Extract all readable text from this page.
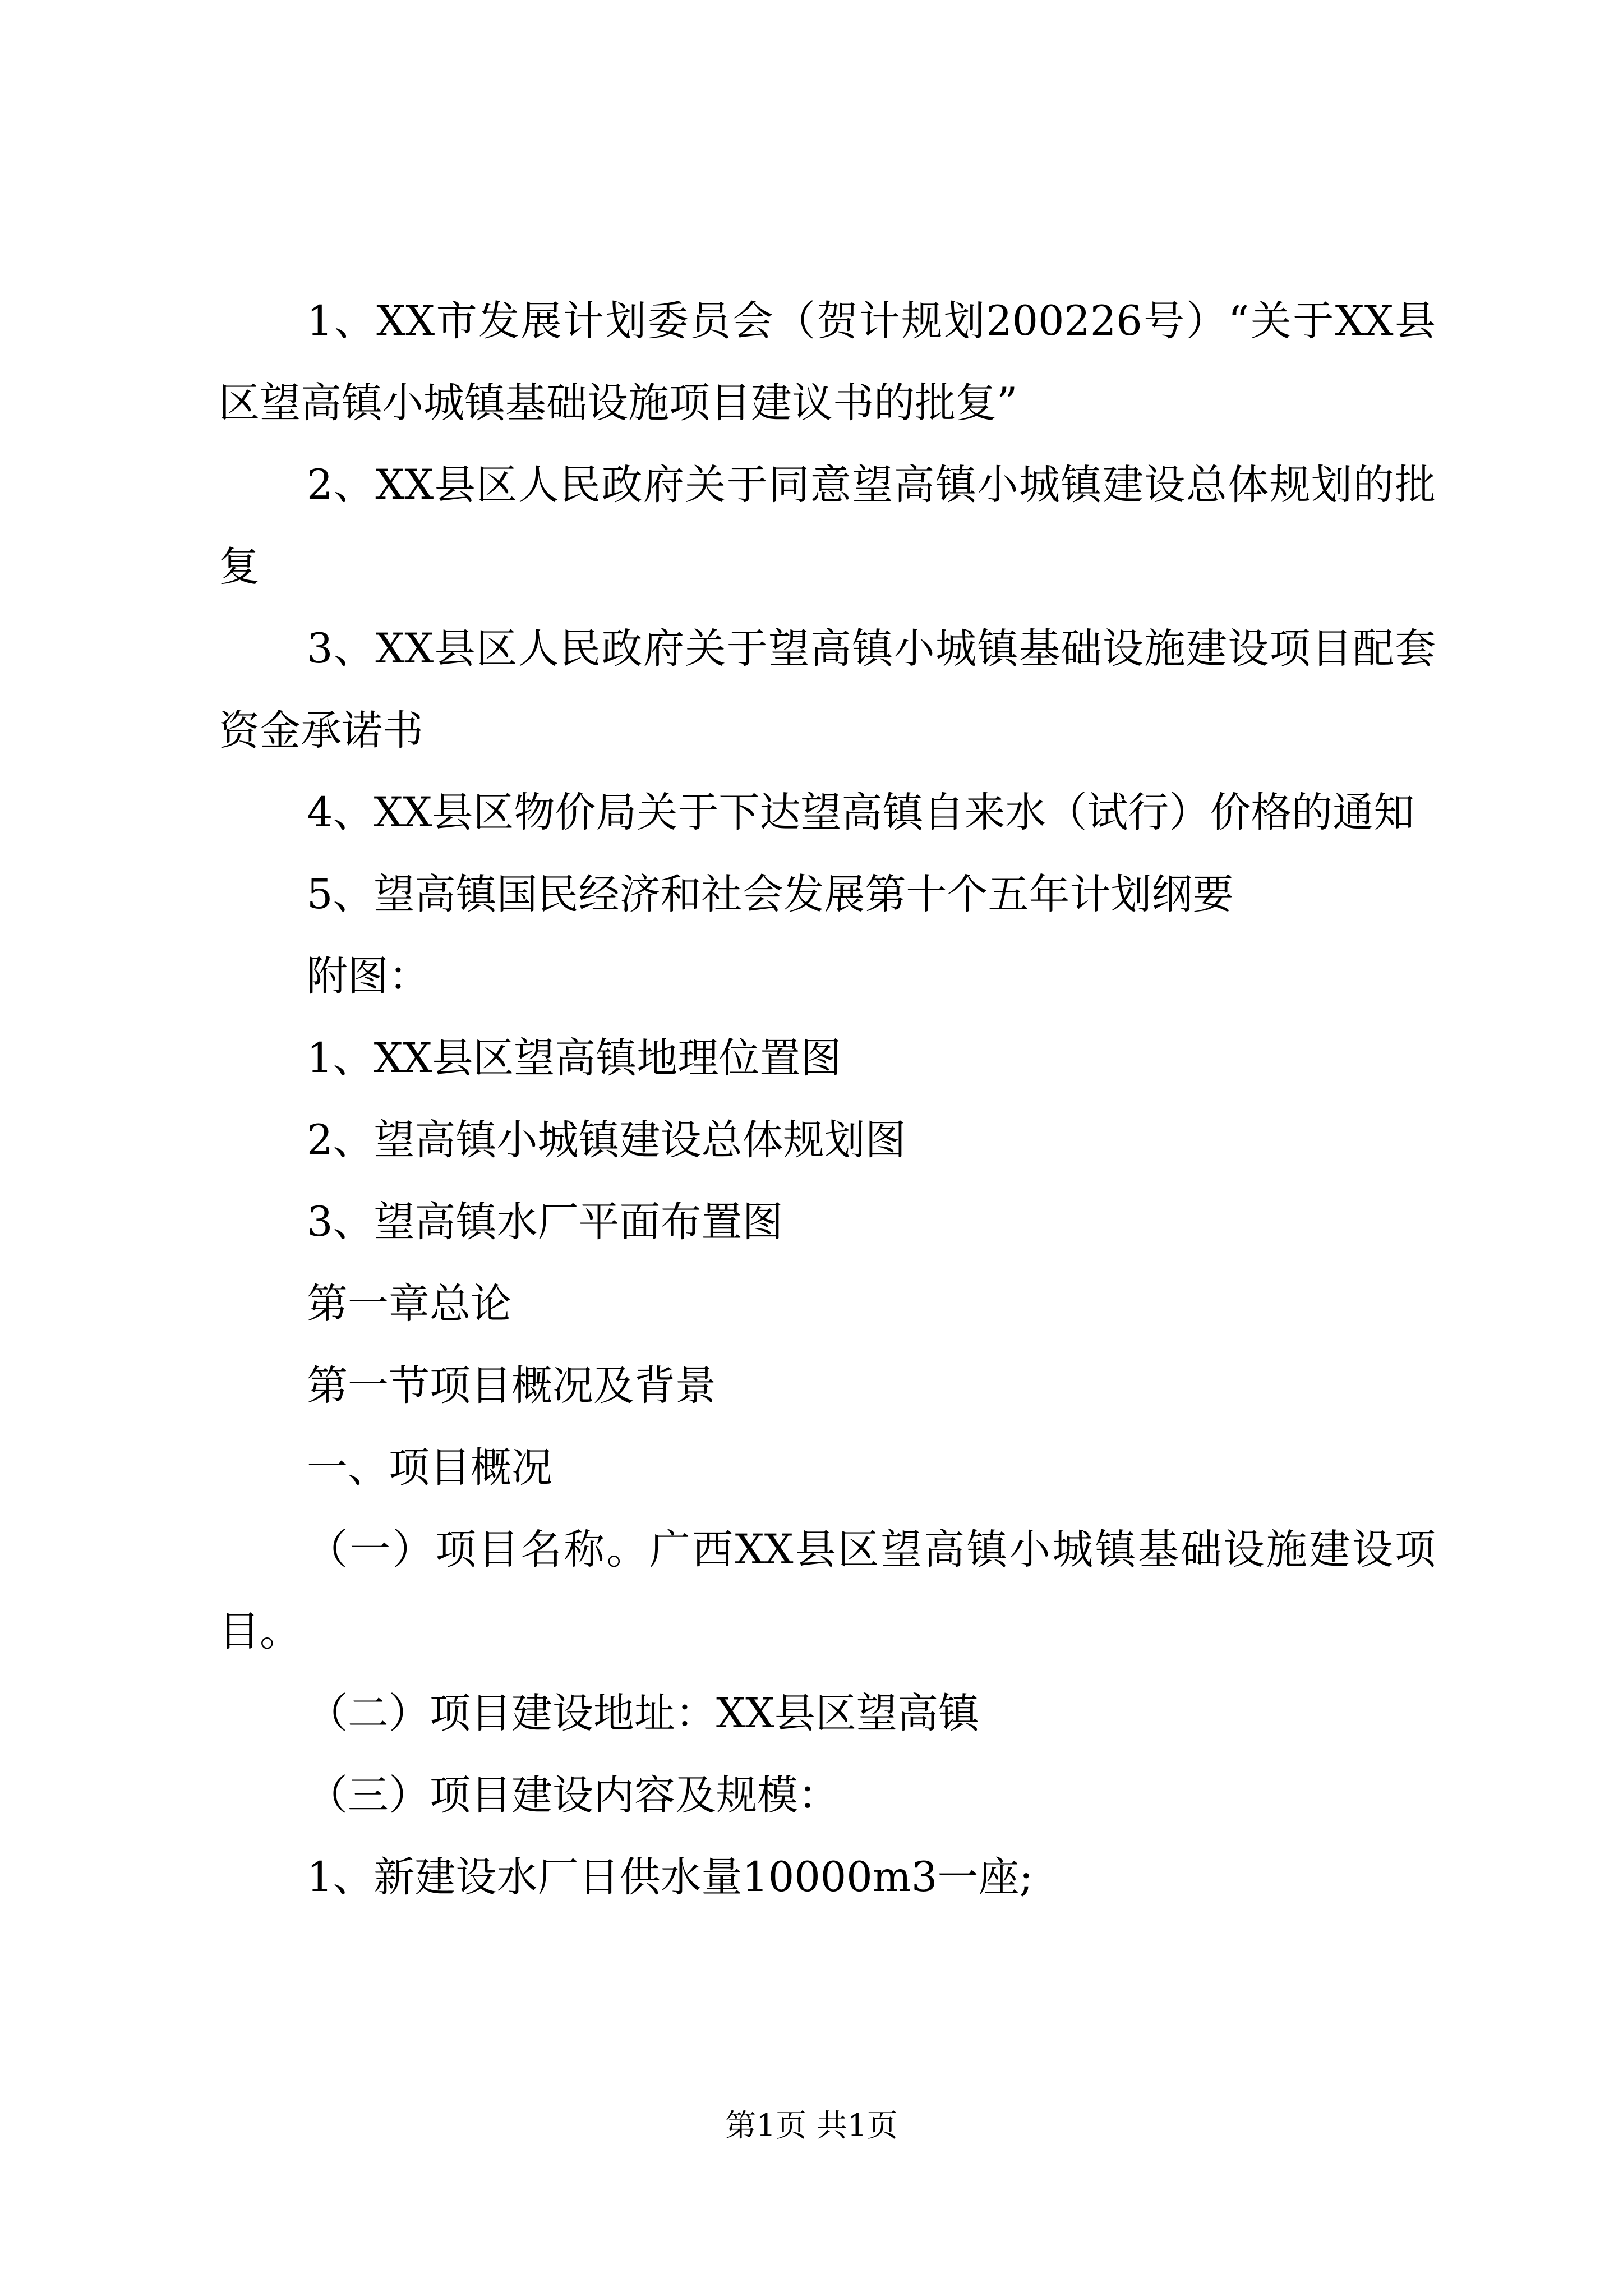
1、XX市发展计划委员会（贺计规划200226号）“关于XX县区望高镇小城镇基础设施项目建议书的批复”

2、XX县区人民政府关于同意望高镇小城镇建设总体规划的批复

3、XX县区人民政府关于望高镇小城镇基础设施建设项目配套资金承诺书

4、XX县区物价局关于下达望高镇自来水（试行）价格的通知

5、望高镇国民经济和社会发展第十个五年计划纲要

附图：

1、XX县区望高镇地理位置图

2、望高镇小城镇建设总体规划图

3、望高镇水厂平面布置图

第一章总论

第一节项目概况及背景

一、项目概况

（一）项目名称。广西XX县区望高镇小城镇基础设施建设项目。

（二）项目建设地址：XX县区望高镇

（三）项目建设内容及规模：

1、新建设水厂日供水量10000m3一座;

第1页 共1页
